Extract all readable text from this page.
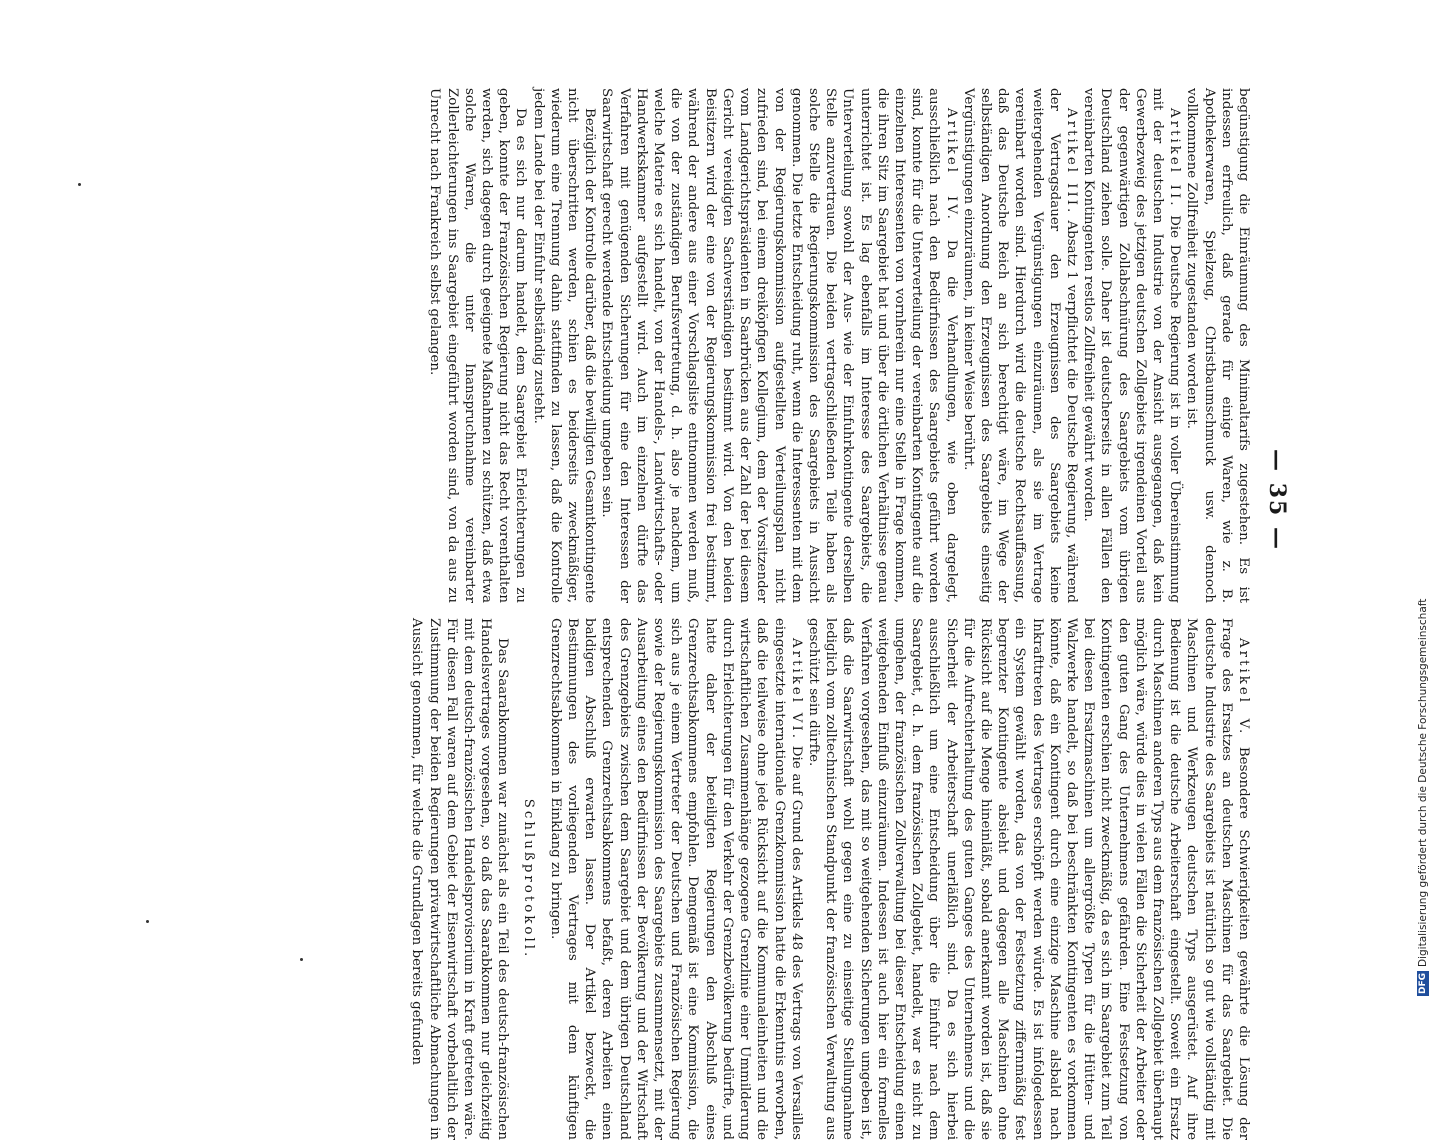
— 35 —

begünstigung die Einräumung des Minimaltarifs zugestehen. Es ist indessen erfreulich, daß gerade für einige Waren, wie z. B. Apothekerwaren, Spielzeug, Christbaumschmuck usw. dennoch vollkommene Zollfreiheit zugestanden worden ist.

Artikel II. Die Deutsche Regierung ist in voller Übereinstimmung mit der deutschen Industrie von der Ansicht ausgegangen, daß kein Gewerbezweig des jetzigen deutschen Zollgebiets irgendeinen Vorteil aus der gegenwärtigen Zollabschnürung des Saargebiets vom übrigen Deutschland ziehen solle. Daher ist deutscherseits in allen Fällen den vereinbarten Kontingenten restlos Zollfreiheit gewährt worden.

Artikel III. Absatz 1 verpflichtet die Deutsche Regierung, während der Vertragsdauer den Erzeugnissen des Saargebiets keine weitergehenden Vergünstigungen einzuräumen, als sie im Vertrage vereinbart worden sind. Hierdurch wird die deutsche Rechtsauffassung, daß das Deutsche Reich an sich berechtigt wäre, im Wege der selbständigen Anordnung den Erzeugnissen des Saargebiets einseitig Vergünstigungen einzuräumen, in keiner Weise berührt.

Artikel IV. Da die Verhandlungen, wie oben dargelegt, ausschließlich nach den Bedürfnissen des Saargebiets geführt worden sind, konnte für die Unterverteilung der vereinbarten Kontingente auf die einzelnen Interessenten von vornherein nur eine Stelle in Frage kommen, die ihren Sitz im Saargebiet hat und über die örtlichen Verhältnisse genau unterrichtet ist. Es lag ebenfalls im Interesse des Saargebiets, die Unterverteilung sowohl der Aus- wie der Einfuhrkontingente derselben Stelle anzuvertrauen. Die beiden vertragschließenden Teile haben als solche Stelle die Regierungskommission des Saargebiets in Aussicht genommen. Die letzte Entscheidung ruht, wenn die Interessenten mit dem von der Regierungskommission aufgestellten Verteilungsplan nicht zufrieden sind, bei einem dreiköpfigen Kollegium, dem der Vorsitzender vom Landgerichtspräsidenten in Saarbrücken aus der Zahl der bei diesem Gericht vereidigten Sachverständigen bestimmt wird. Von den beiden Beisitzern wird der eine von der Regierungskommission frei bestimmt, während der andere aus einer Vorschlagsliste entnommen werden muß, die von der zuständigen Berufsvertretung, d. h. also je nachdem, um welche Materie es sich handelt, von der Handels-, Landwirtschafts- oder Handwerkskammer aufgestellt wird. Auch im einzelnen dürfte das Verfahren mit genügenden Sicherungen für eine den Interessen der Saarwirtschaft gerecht werdende Entscheidung umgeben sein.

Bezüglich der Kontrolle darüber, daß die bewilligten Gesamtkontingente nicht überschritten werden, schien es beiderseits zweckmäßiger, wiederum eine Trennung dahin stattfinden zu lassen, daß die Kontrolle jedem Lande bei der Einfuhr selbständig zusteht.

Da es sich nur darum handelt, dem Saargebiet Erleichterungen zu geben, konnte der Französischen Regierung nicht das Recht vorenthalten werden, sich dagegen durch geeignete Maßnahmen zu schützen, daß etwa solche Waren, die unter Inanspruchnahme vereinbarter Zollerleichterungen ins Saargebiet eingeführt worden sind, von da aus zu Unrecht nach Frankreich selbst gelangen.

Artikel V. Besondere Schwierigkeiten gewährte die Lösung der Frage des Ersatzes an deutschen Maschinen für das Saargebiet. Die deutsche Industrie des Saargebiets ist natürlich so gut wie vollständig mit Maschinen und Werkzeugen deutschen Typs ausgerüstet. Auf ihre Bedienung ist die deutsche Arbeiterschaft eingestellt. Soweit ein Ersatz durch Maschinen anderen Typs aus dem französischen Zollgebiet überhaupt möglich wäre, würde dies in vielen Fällen die Sicherheit der Arbeiter oder den guten Gang des Unternehmens gefährden. Eine Festsetzung von Kontingenten erschien nicht zweckmäßig, da es sich im Saargebiet zum Teil bei diesen Ersatzmaschinen um allergrößte Typen für die Hütten- und Walzwerke handelt, so daß bei beschränkten Kontingenten es vorkommen könnte, daß ein Kontingent durch eine einzige Maschine alsbald nach Inkrafttreten des Vertrages erschöpft werden würde. Es ist infolgedessen ein System gewählt worden, das von der Festsetzung ziffernmäßig fest begrenzter Kontingente absieht und dagegen alle Maschinen ohne Rücksicht auf die Menge hineinläßt, sobald anerkannt worden ist, daß sie für die Aufrechterhaltung des guten Ganges des Unternehmens und die Sicherheit der Arbeiterschaft unerläßlich sind. Da es sich hierbei ausschließlich um eine Entscheidung über die Einfuhr nach dem Saargebiet, d. h. dem französischen Zollgebiet, handelt, war es nicht zu umgehen, der französischen Zollverwaltung bei dieser Entscheidung einen weitgehenden Einfluß einzuräumen. Indessen ist auch hier ein formelles Verfahren vorgesehen, das mit so weitgehenden Sicherungen umgeben ist, daß die Saarwirtschaft wohl gegen eine zu einseitige Stellungnahme lediglich vom zolltechnischen Standpunkt der französischen Verwaltung aus geschützt sein dürfte.

Artikel VI. Die auf Grund des Artikels 48 des Vertrags von Versailles eingesetzte internationale Grenzkommission hatte die Erkenntnis erworben, daß die teilweise ohne jede Rücksicht auf die Kommunaleinheiten und die wirtschaftlichen Zusammenhänge gezogene Grenzlinie einer Ummilderung durch Erleichterungen für den Verkehr der Grenzbevölkerung bedürfte, und hatte daher der beteiligten Regierungen den Abschluß eines Grenzrechtsabkommens empfohlen. Demgemäß ist eine Kommission, die sich aus je einem Vertreter der Deutschen und Französischen Regierung sowie der Regierungskommission des Saargebiets zusammensetzt, mit der Ausarbeitung eines den Bedürfnissen der Bevölkerung und der Wirtschaft des Grenzgebiets zwischen dem Saargebiet und dem übrigen Deutschland entsprechenden Grenzrechtsabkommens befaßt, deren Arbeiten einen baldigen Abschluß erwarten lassen. Der Artikel bezweckt, die Bestimmungen des vorliegenden Vertrages mit dem künftigen Grenzrechtsabkommen in Einklang zu bringen.

Schlußprotokoll.

Das Saarabkommen war zunächst als ein Teil des deutsch-französischen Handelsvertrages vorgesehen, so daß das Saarabkommen nur gleichzeitig mit dem deutsch-französischen Handelsprovisorium in Kraft getreten wäre. Für diesen Fall waren auf dem Gebiet der Eisenwirtschaft vorbehaltlich der Zustimmung der beiden Regierungen privatwirtschaftliche Abmachungen in Aussicht genommen, für welche die Grundlagen bereits gefunden	DFG
Digitalisierung gefördert durch die Deutsche Forschungsgemeinschaft
